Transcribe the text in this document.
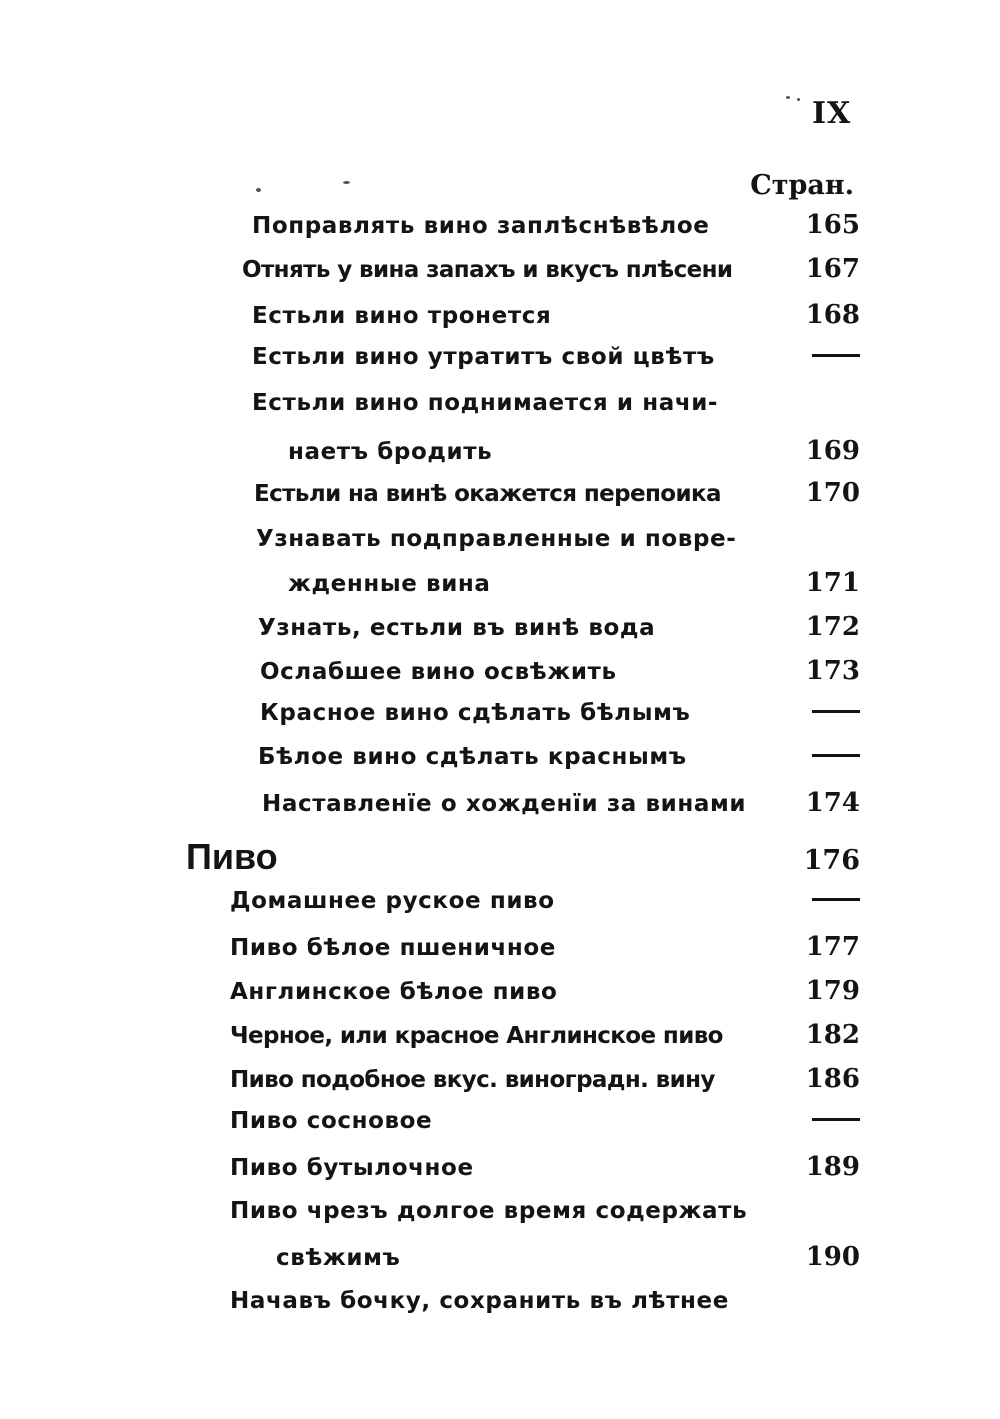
IX
Стран.
Поправлять вино заплѣснѣвѣлое	165
Отнять у вина запахъ и вкусъ плѣсени	167
Естьли вино тронется	168
Естьли вино утратитъ свой цвѣтъ
Естьли вино поднимается и начи-
наетъ бродить	169
Естьли на винѣ окажется перепоика	170
Узнавать подправленные и повре-
жденные вина	171
Узнать, естьли въ винѣ вода	172
Ослабшее вино освѣжить	173
Красное вино сдѣлать бѣлымъ
Бѣлое вино сдѣлать краснымъ
Наставленïе о хожденïи за винами 174
Пиво	176
Домашнее руское пиво
Пиво бѣлое пшеничное	177
Англинское бѣлое пиво	179
Черное, или красное Англинское пиво	182
Пиво подобное вкус. виноградн. вину	186
Пиво сосновое
Пиво бутылочное	189
Пиво чрезъ долгое время содержать
свѣжимъ	190
Начавъ бочку, сохранить въ лѣтнее
